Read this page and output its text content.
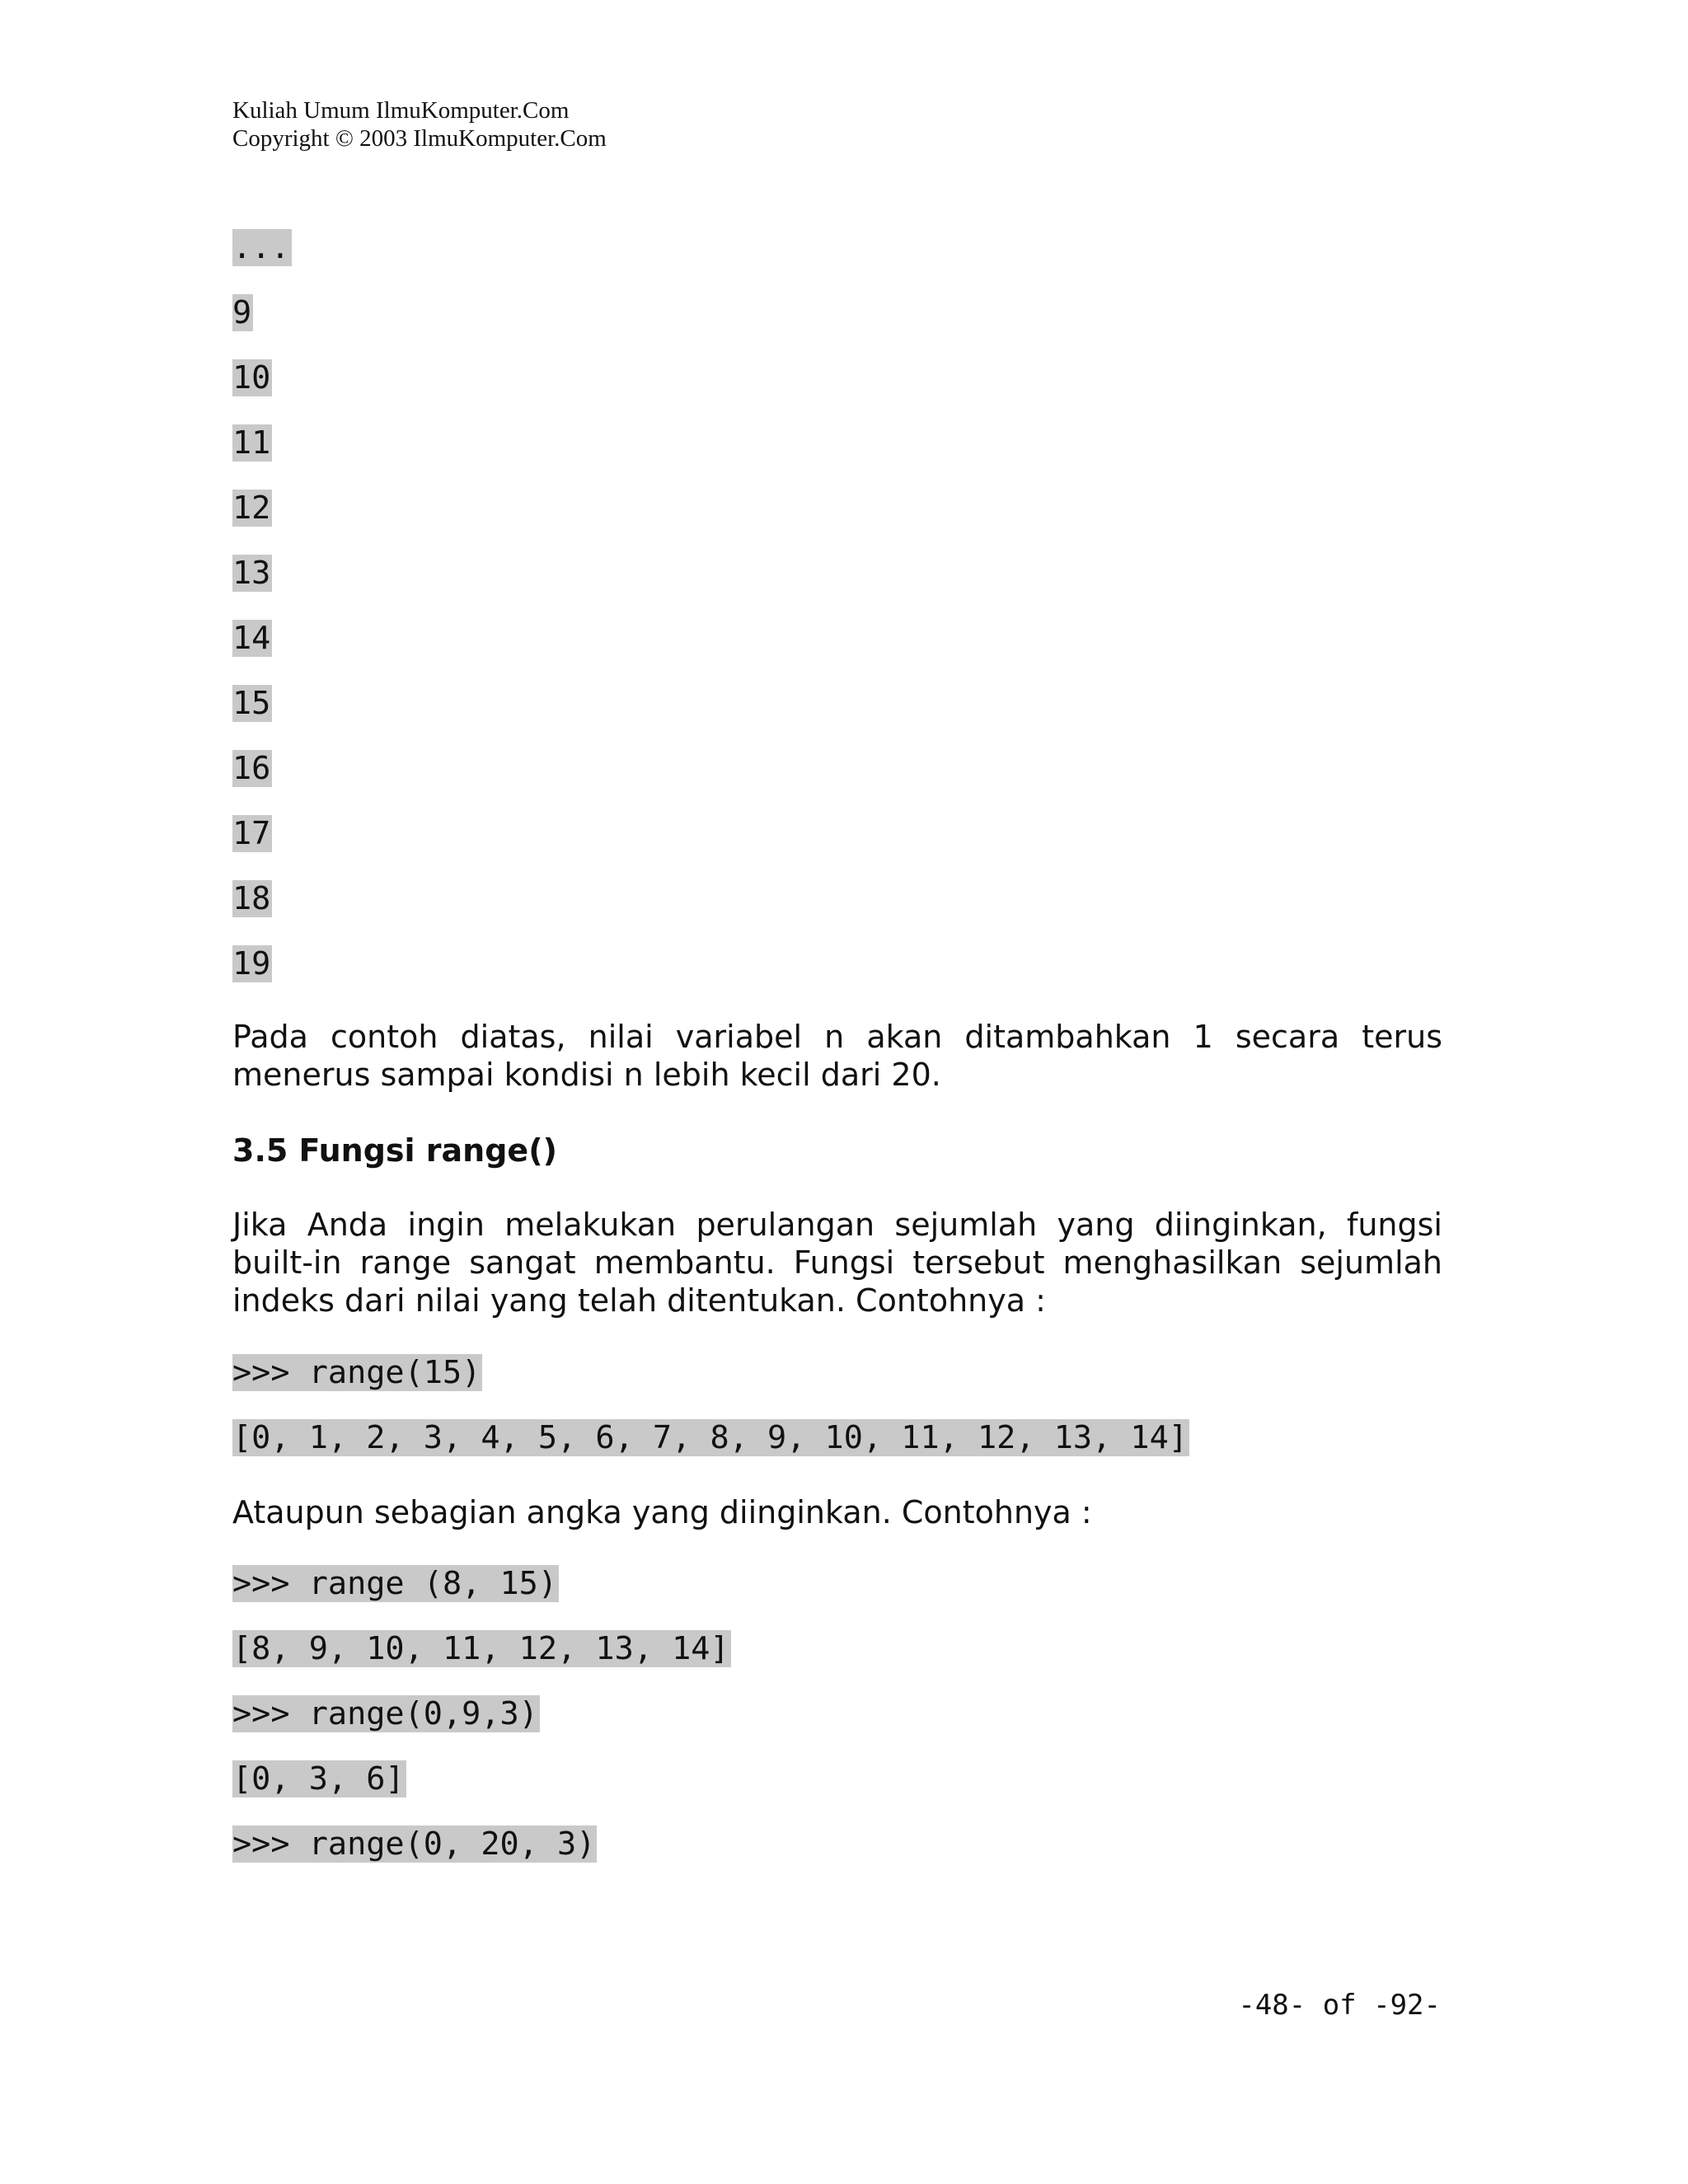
Kuliah Umum IlmuKomputer.Com
Copyright © 2003 IlmuKomputer.Com
...
9
10
11
12
13
14
15
16
17
18
19
Pada contoh diatas, nilai variabel n akan ditambahkan 1 secara terus menerus sampai kondisi n lebih kecil dari 20.
3.5 Fungsi range()
Jika Anda ingin melakukan perulangan sejumlah yang diinginkan, fungsi built-in range sangat membantu. Fungsi tersebut menghasilkan sejumlah indeks dari nilai yang telah ditentukan. Contohnya :
>>> range(15)
[0, 1, 2, 3, 4, 5, 6, 7, 8, 9, 10, 11, 12, 13, 14]
Ataupun sebagian angka yang diinginkan. Contohnya :
>>> range (8, 15)
[8, 9, 10, 11, 12, 13, 14]
>>> range(0,9,3)
[0, 3, 6]
>>> range(0, 20, 3)
-48- of -92-
